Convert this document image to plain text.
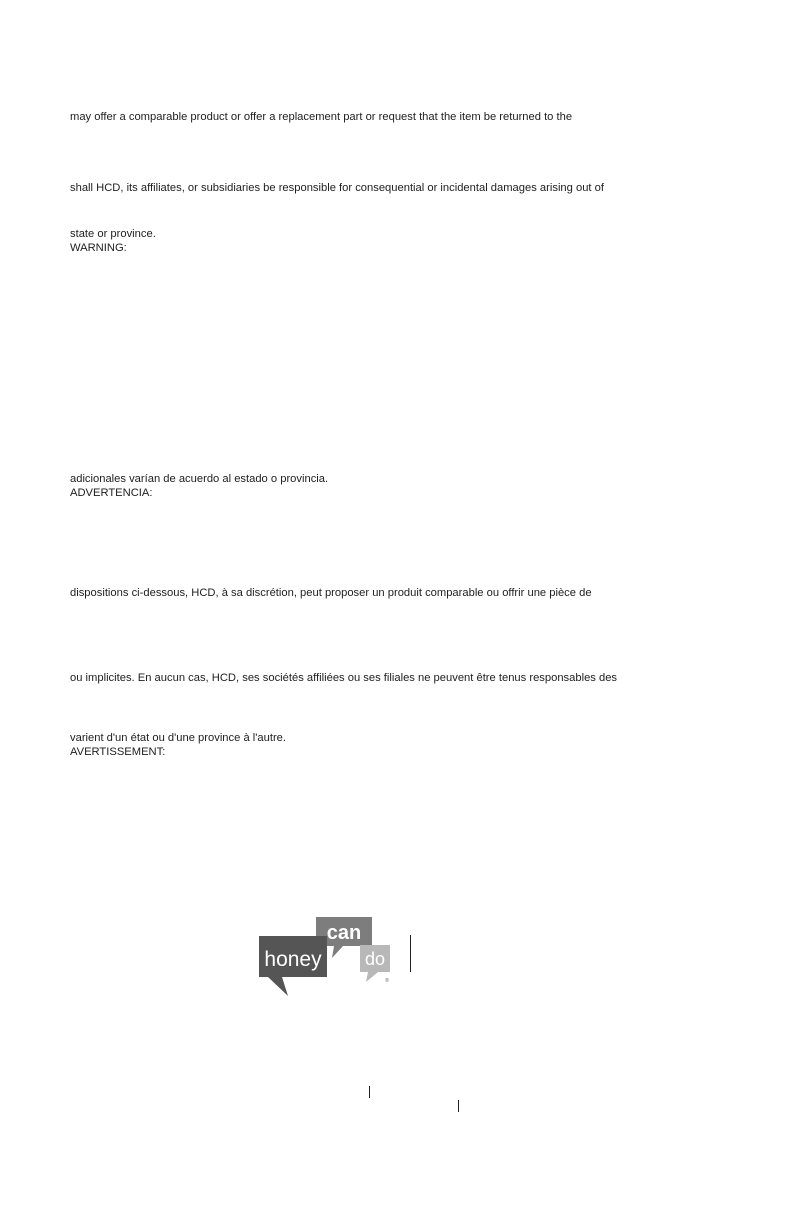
may offer a comparable product or offer a replacement part or request that the item be returned to the
shall HCD, its affiliates, or subsidiaries be responsible for consequential or incidental damages arising out of
state or province.
WARNING:
adicionales varían de acuerdo al estado o provincia.
ADVERTENCIA:
dispositions ci-dessous, HCD, à sa discrétion, peut proposer un produit comparable ou offrir une pièce de
ou implicites. En aucun cas, HCD, ses sociétés affiliées ou ses filiales ne peuvent être tenus responsables des
varient d'un état ou d'une province à l'autre.
AVERTISSEMENT:
can
honey do
®
